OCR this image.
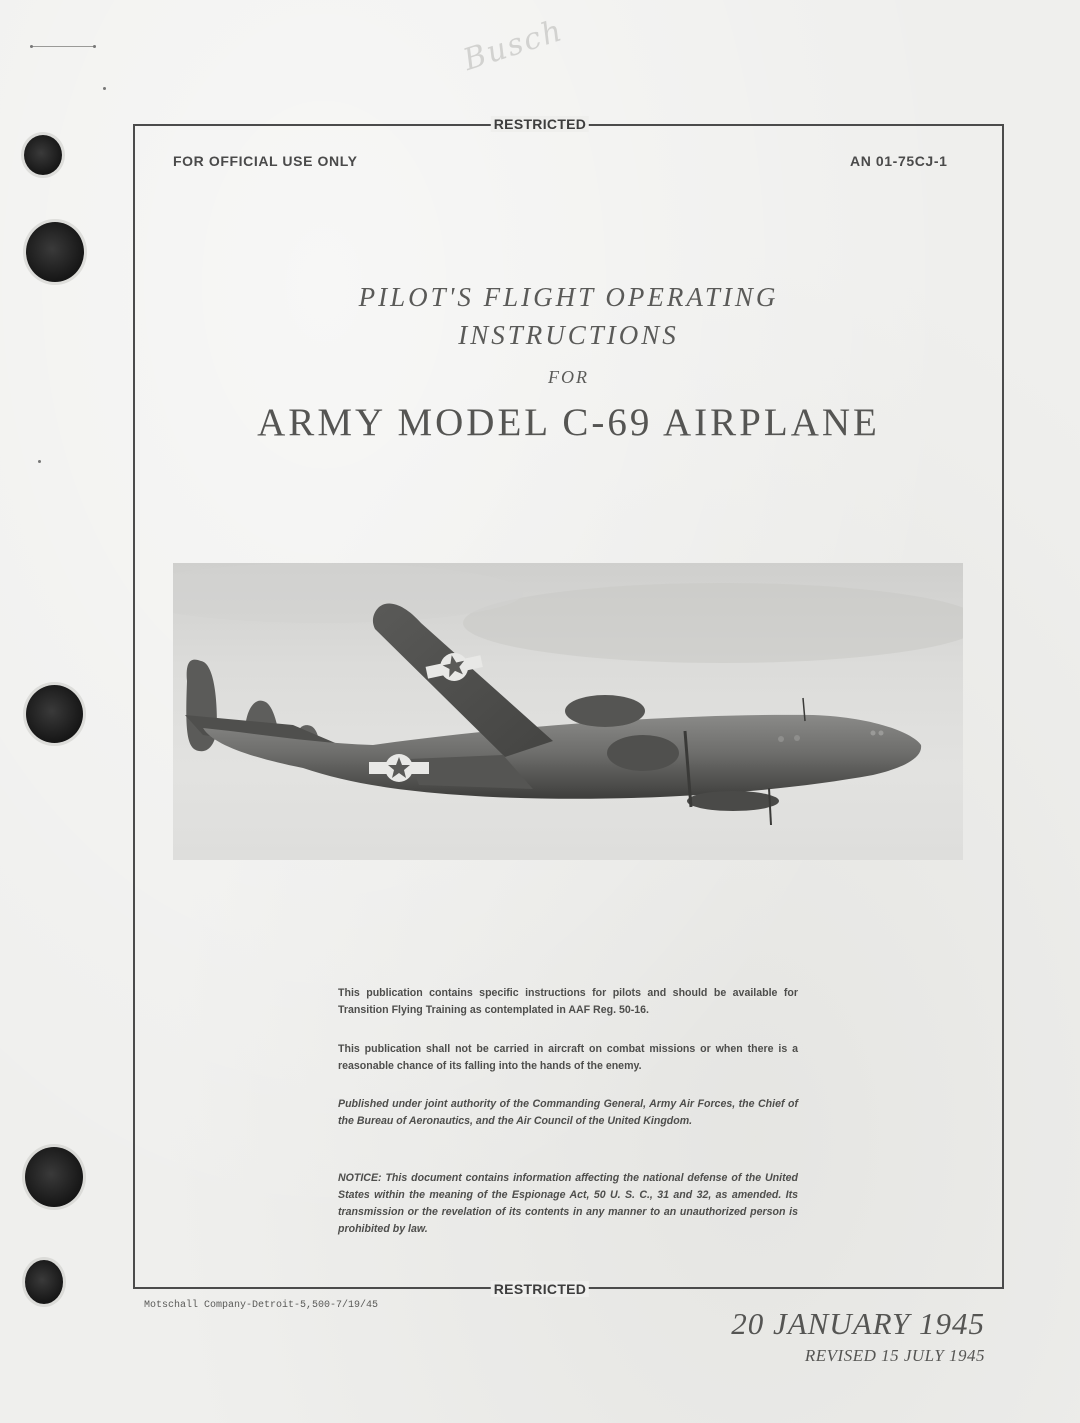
Busch
RESTRICTED
RESTRICTED
FOR OFFICIAL USE ONLY	AN 01-75CJ-1
PILOT'S FLIGHT OPERATING
INSTRUCTIONS
FOR
ARMY MODEL C-69 AIRPLANE
This publication contains specific instructions for pilots and should be available for Transition Flying Training as contemplated in AAF Reg. 50-16.
This publication shall not be carried in aircraft on combat missions or when there is a reasonable chance of its falling into the hands of the enemy.
Published under joint authority of the Commanding General, Army Air Forces, the Chief of the Bureau of Aeronautics, and the Air Council of the United Kingdom.
NOTICE: This document contains information affecting the national defense of the United States within the meaning of the Espionage Act, 50 U. S. C., 31 and 32, as amended. Its transmission or the revelation of its contents in any manner to an unauthorized person is prohibited by law.
Motschall Company-Detroit-5,500-7/19/45
20 JANUARY 1945
REVISED 15 JULY 1945
